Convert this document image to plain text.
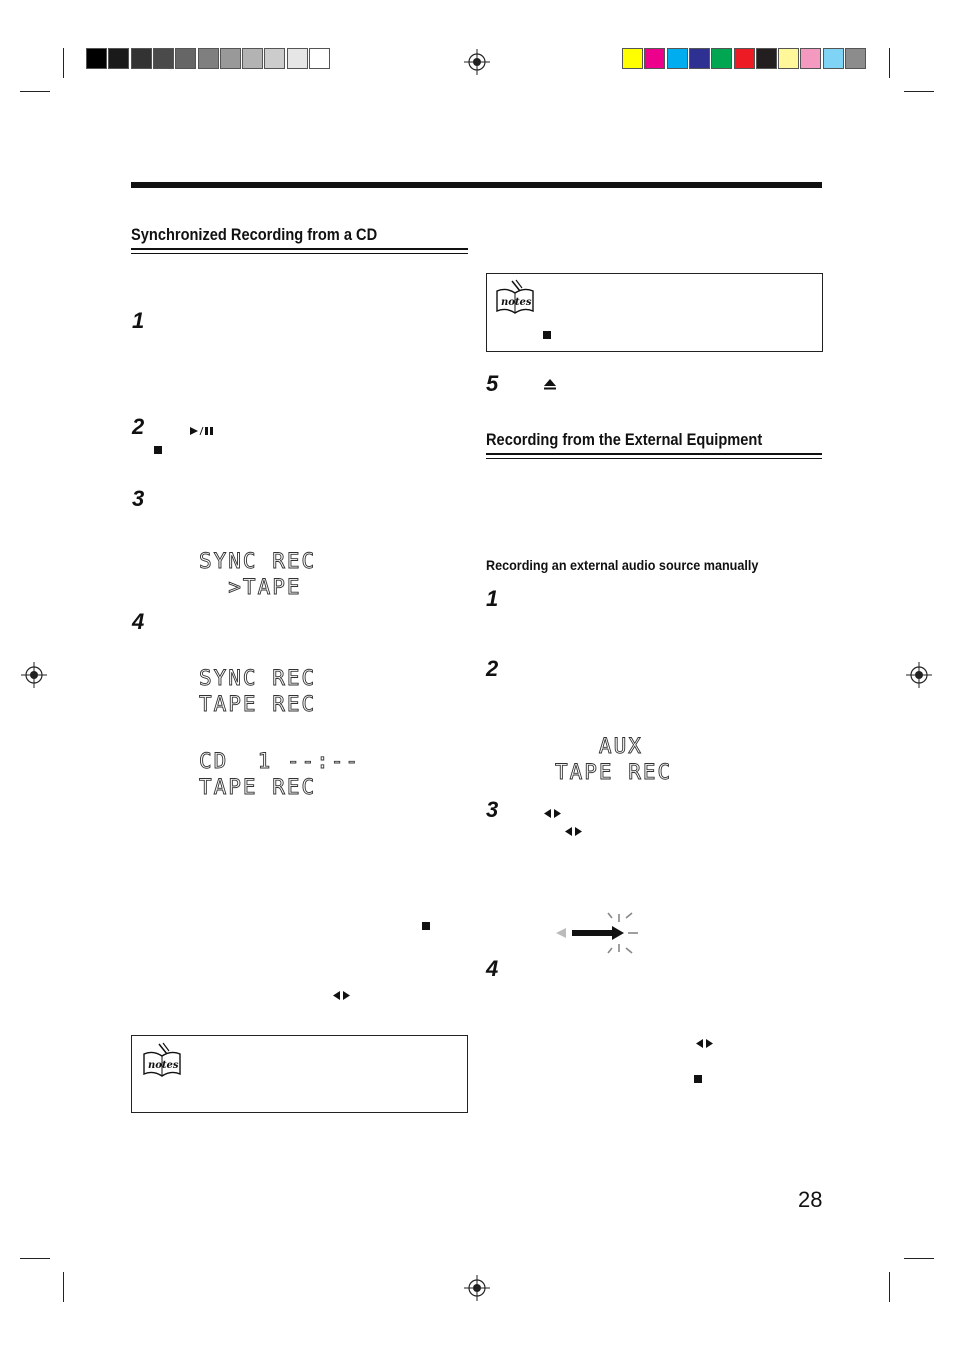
Synchronized Recording from a CD
1
2
3
4
SYNC REC
>TAPE
SYNC REC
TAPE REC
CD  1 --:--
TAPE REC
notes
notes
5
Recording from the External Equipment
Recording an external audio source manually
1
2
AUX
TAPE REC
3
4
28
